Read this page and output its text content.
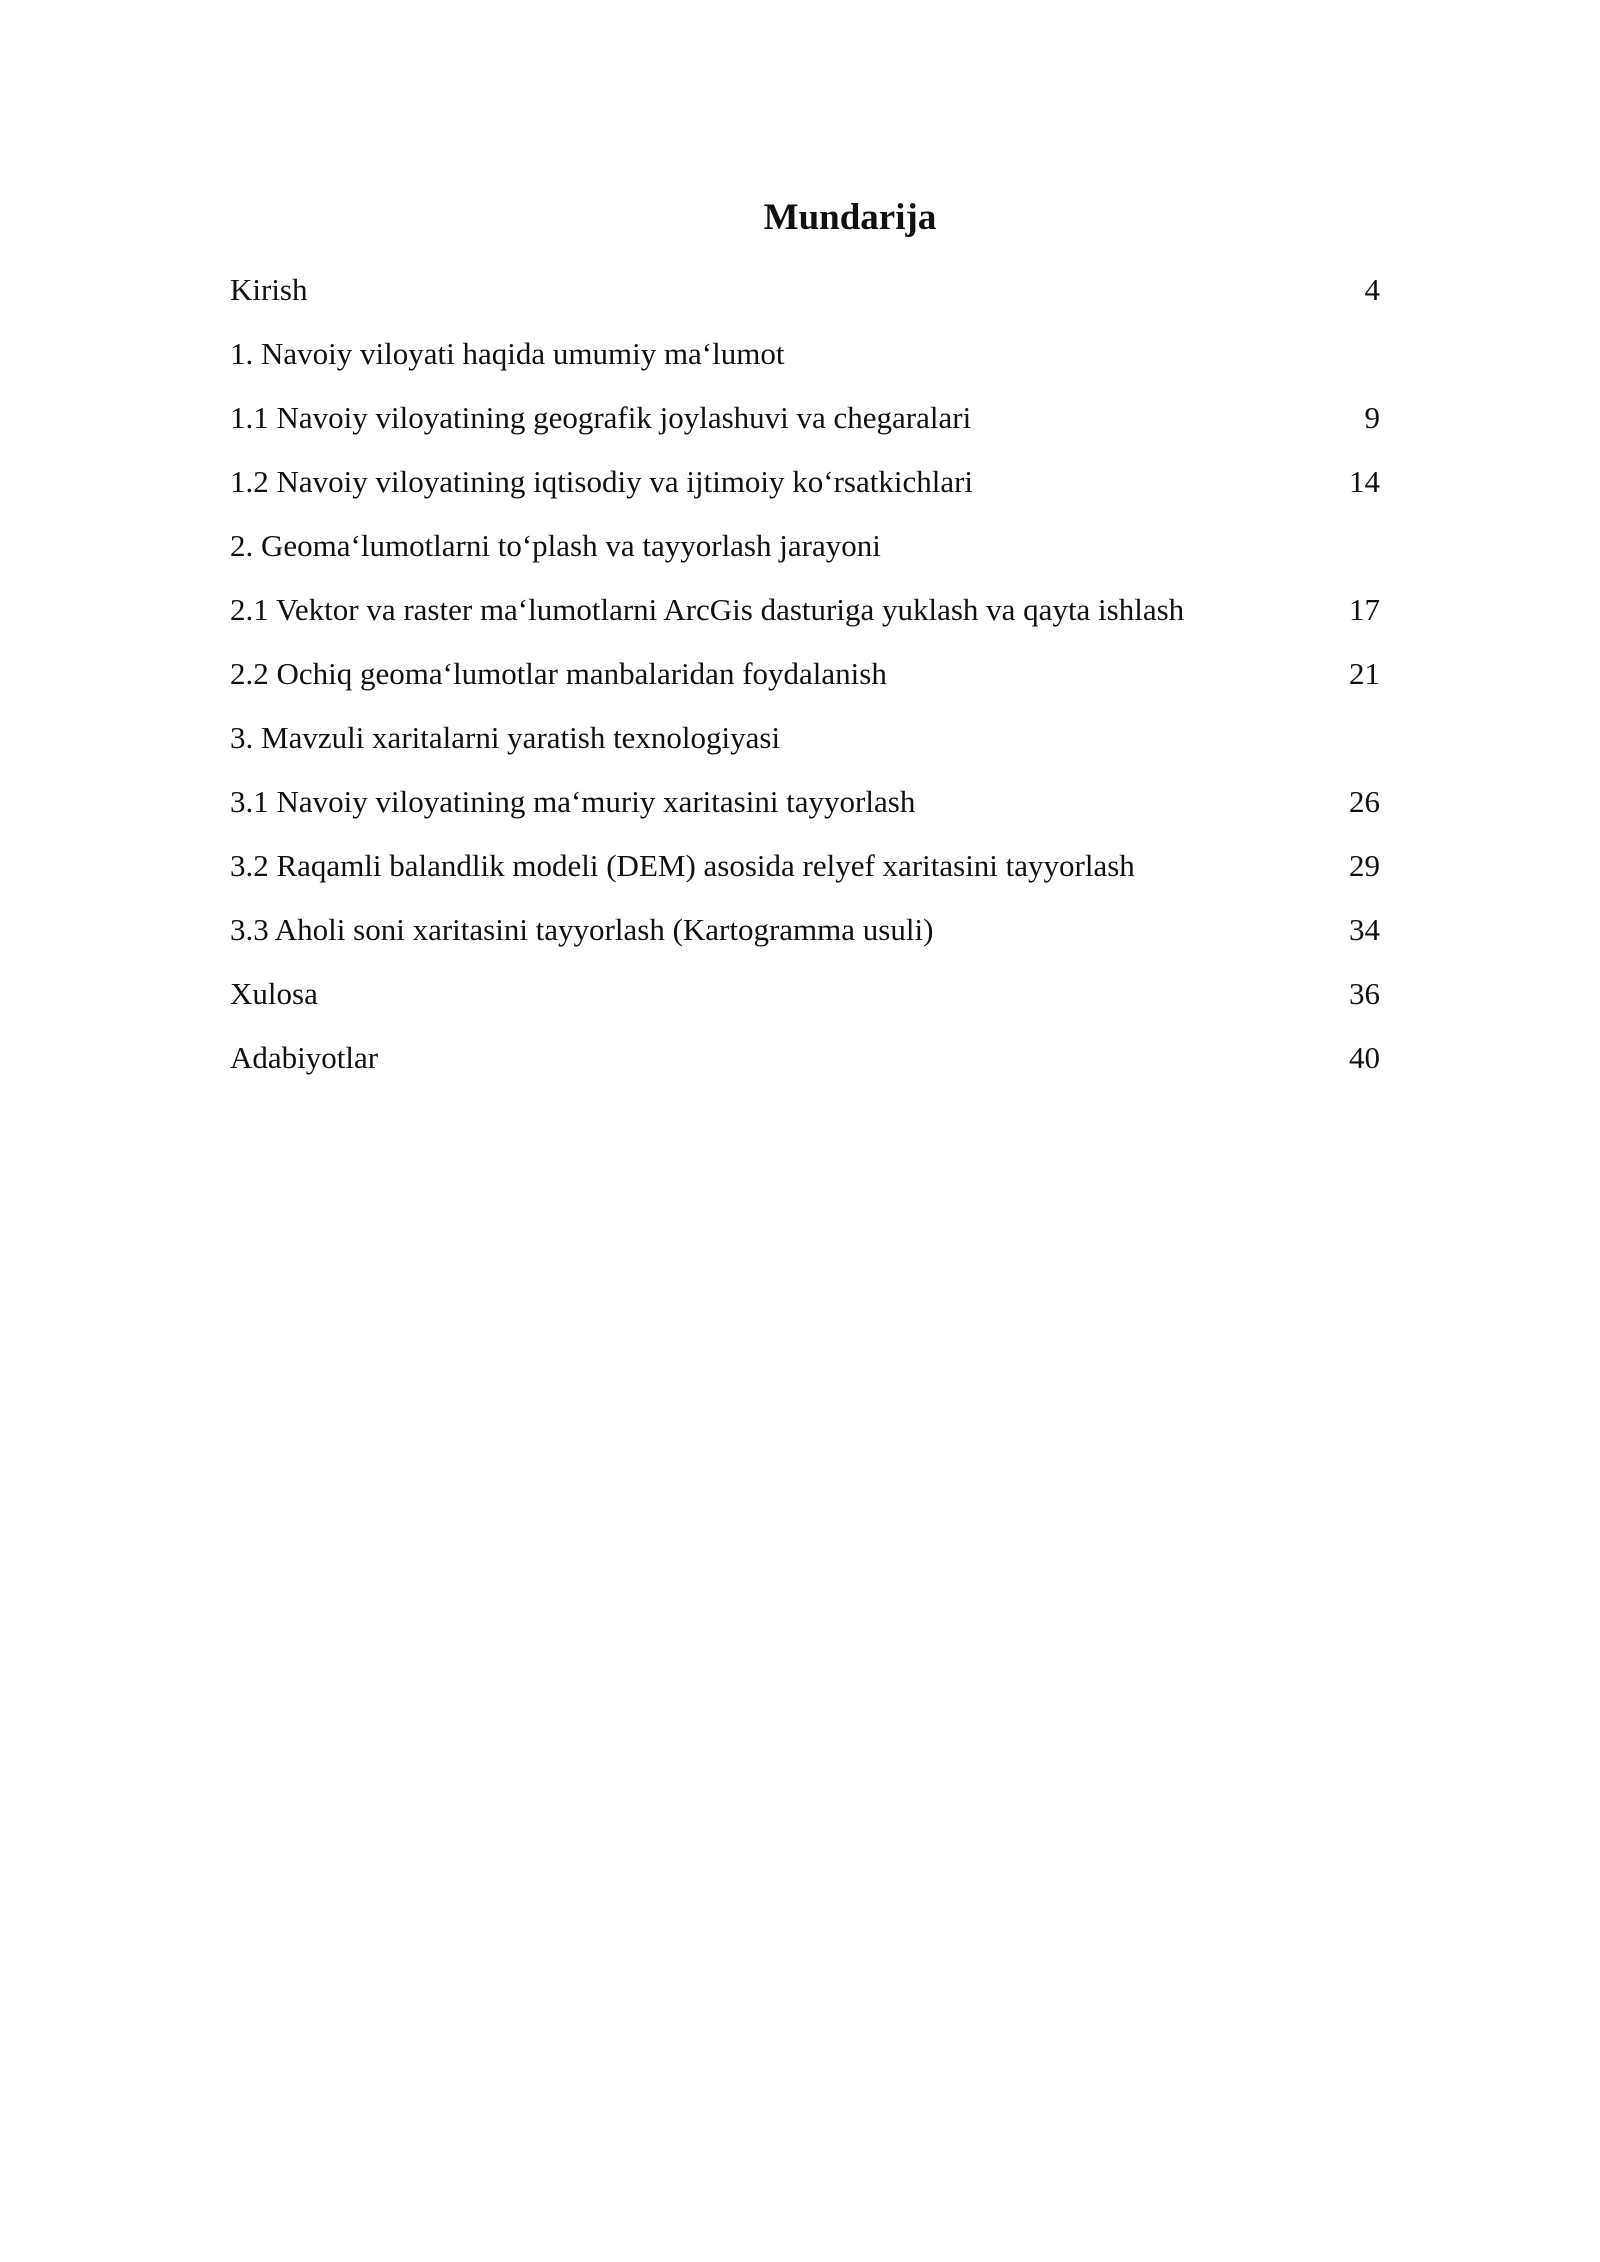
Mundarija
Kirish	4
1. Navoiy viloyati haqida umumiy ma‘lumot
1.1 Navoiy viloyatining geografik joylashuvi va chegaralari	9
1.2 Navoiy viloyatining iqtisodiy va ijtimoiy ko‘rsatkichlari	14
2. Geoma‘lumotlarni to‘plash va tayyorlash jarayoni
2.1 Vektor va raster ma‘lumotlarni ArcGis dasturiga yuklash va qayta ishlash	17
2.2 Ochiq geoma‘lumotlar manbalaridan foydalanish	21
3. Mavzuli xaritalarni yaratish texnologiyasi
3.1 Navoiy viloyatining ma‘muriy xaritasini tayyorlash	26
3.2 Raqamli balandlik modeli (DEM) asosida relyef xaritasini tayyorlash	29
3.3 Aholi soni xaritasini tayyorlash (Kartogramma usuli)	34
Xulosa	36
Adabiyotlar	40
